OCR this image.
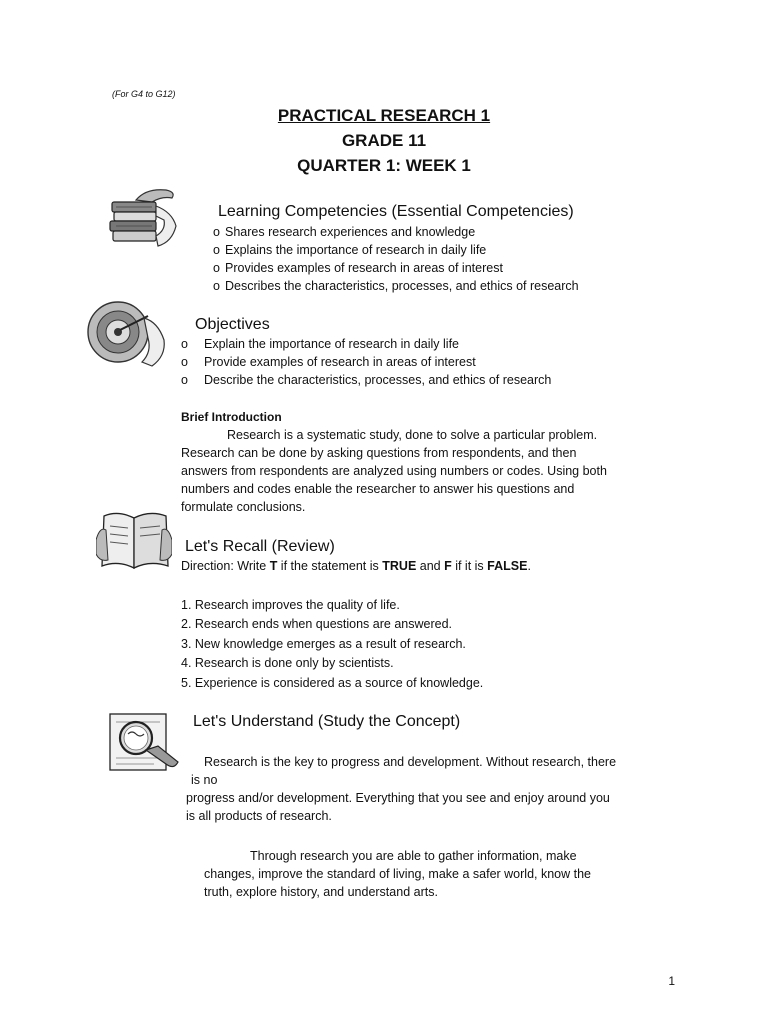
(For G4 to G12)
PRACTICAL RESEARCH 1
GRADE 11
QUARTER 1: WEEK 1
Learning Competencies (Essential Competencies)
o Shares research experiences and knowledge
o Explains the importance of research in daily life
o Provides examples of research in areas of interest
o Describes the characteristics, processes, and ethics of research
Objectives
o Explain the importance of research in daily life
o Provide examples of research in areas of interest
o Describe the characteristics, processes, and ethics of research
Brief Introduction
Research is a systematic study, done to solve a particular problem.
Research can be done by asking questions from respondents, and then
answers from respondents are analyzed using numbers or codes. Using both
numbers and codes enable the researcher to answer his questions and
formulate conclusions.
Let's Recall (Review)
Direction: Write T if the statement is TRUE and F if it is FALSE.
1. Research improves the quality of life.
2. Research ends when questions are answered.
3. New knowledge emerges as a result of research.
4. Research is done only by scientists.
5. Experience is considered as a source of knowledge.
Let's Understand (Study the Concept)
Research is the key to progress and development. Without research, there
is no
progress and/or development. Everything that you see and enjoy around you
is all products of research.
Through research you are able to gather information, make
changes, improve the standard of living, make a safer world, know the
truth, explore history, and understand arts.
1
